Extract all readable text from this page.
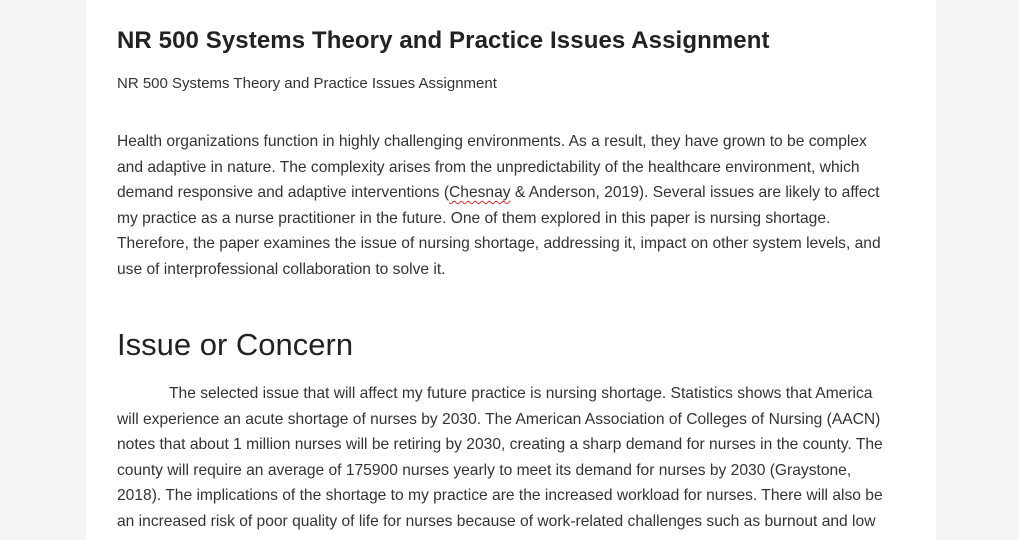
NR 500 Systems Theory and Practice Issues Assignment
NR 500 Systems Theory and Practice Issues Assignment
Health organizations function in highly challenging environments. As a result, they have grown to be complex
and adaptive in nature. The complexity arises from the unpredictability of the healthcare environment, which
demand responsive and adaptive interventions (Chesnay & Anderson, 2019). Several issues are likely to affect
my practice as a nurse practitioner in the future. One of them explored in this paper is nursing shortage.
Therefore, the paper examines the issue of nursing shortage, addressing it, impact on other system levels, and
use of interprofessional collaboration to solve it.
Issue or Concern
The selected issue that will affect my future practice is nursing shortage. Statistics shows that America
will experience an acute shortage of nurses by 2030. The American Association of Colleges of Nursing (AACN)
notes that about 1 million nurses will be retiring by 2030, creating a sharp demand for nurses in the county. The
county will require an average of 175900 nurses yearly to meet its demand for nurses by 2030 (Graystone,
2018). The implications of the shortage to my practice are the increased workload for nurses. There will also be
an increased risk of poor quality of life for nurses because of work-related challenges such as burnout and low
